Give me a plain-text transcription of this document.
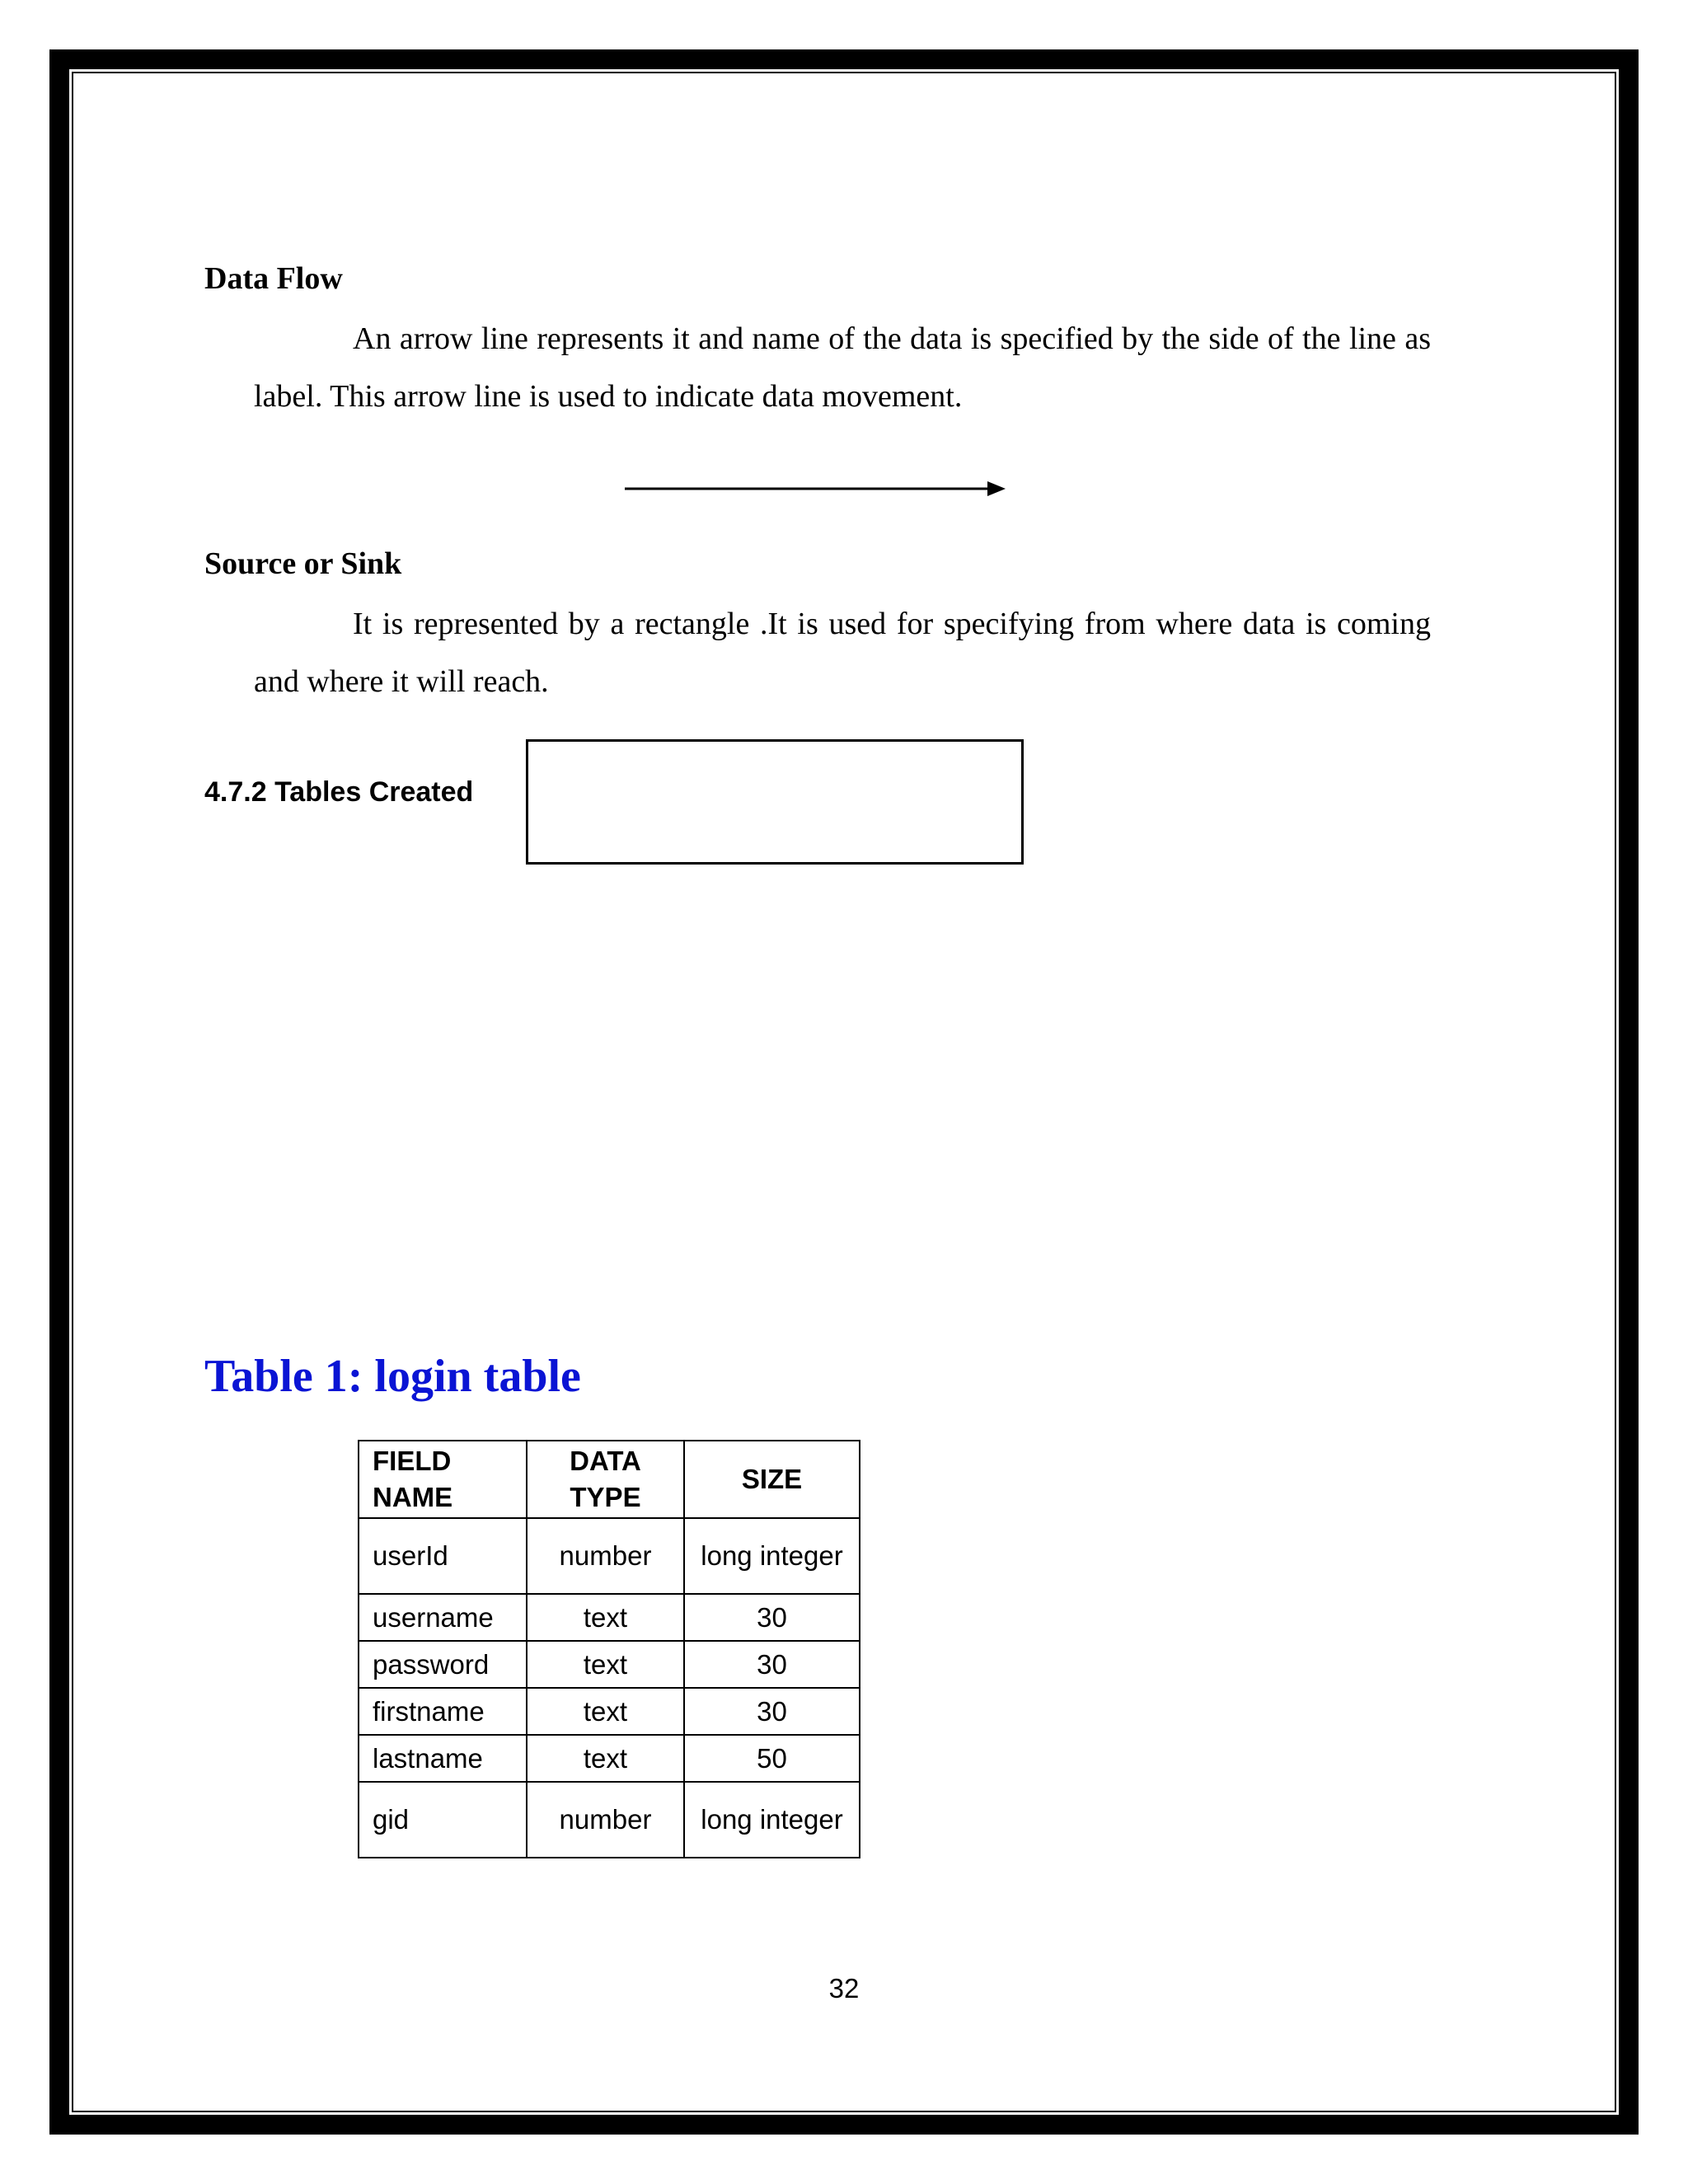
Data Flow

An arrow line represents it and name of the data is specified by the side of the line as label. This arrow line is used to indicate data movement.

Source or Sink

It is represented by a rectangle .It is used for specifying from where data is coming and where it will reach.

4.7.2 Tables Created
Table 1: login table
FIELD NAME	DATA TYPE	SIZE
userId	number	long integer
username	text	30
password	text	30
firstname	text	30
lastname	text	50
gid	number	long integer

32
